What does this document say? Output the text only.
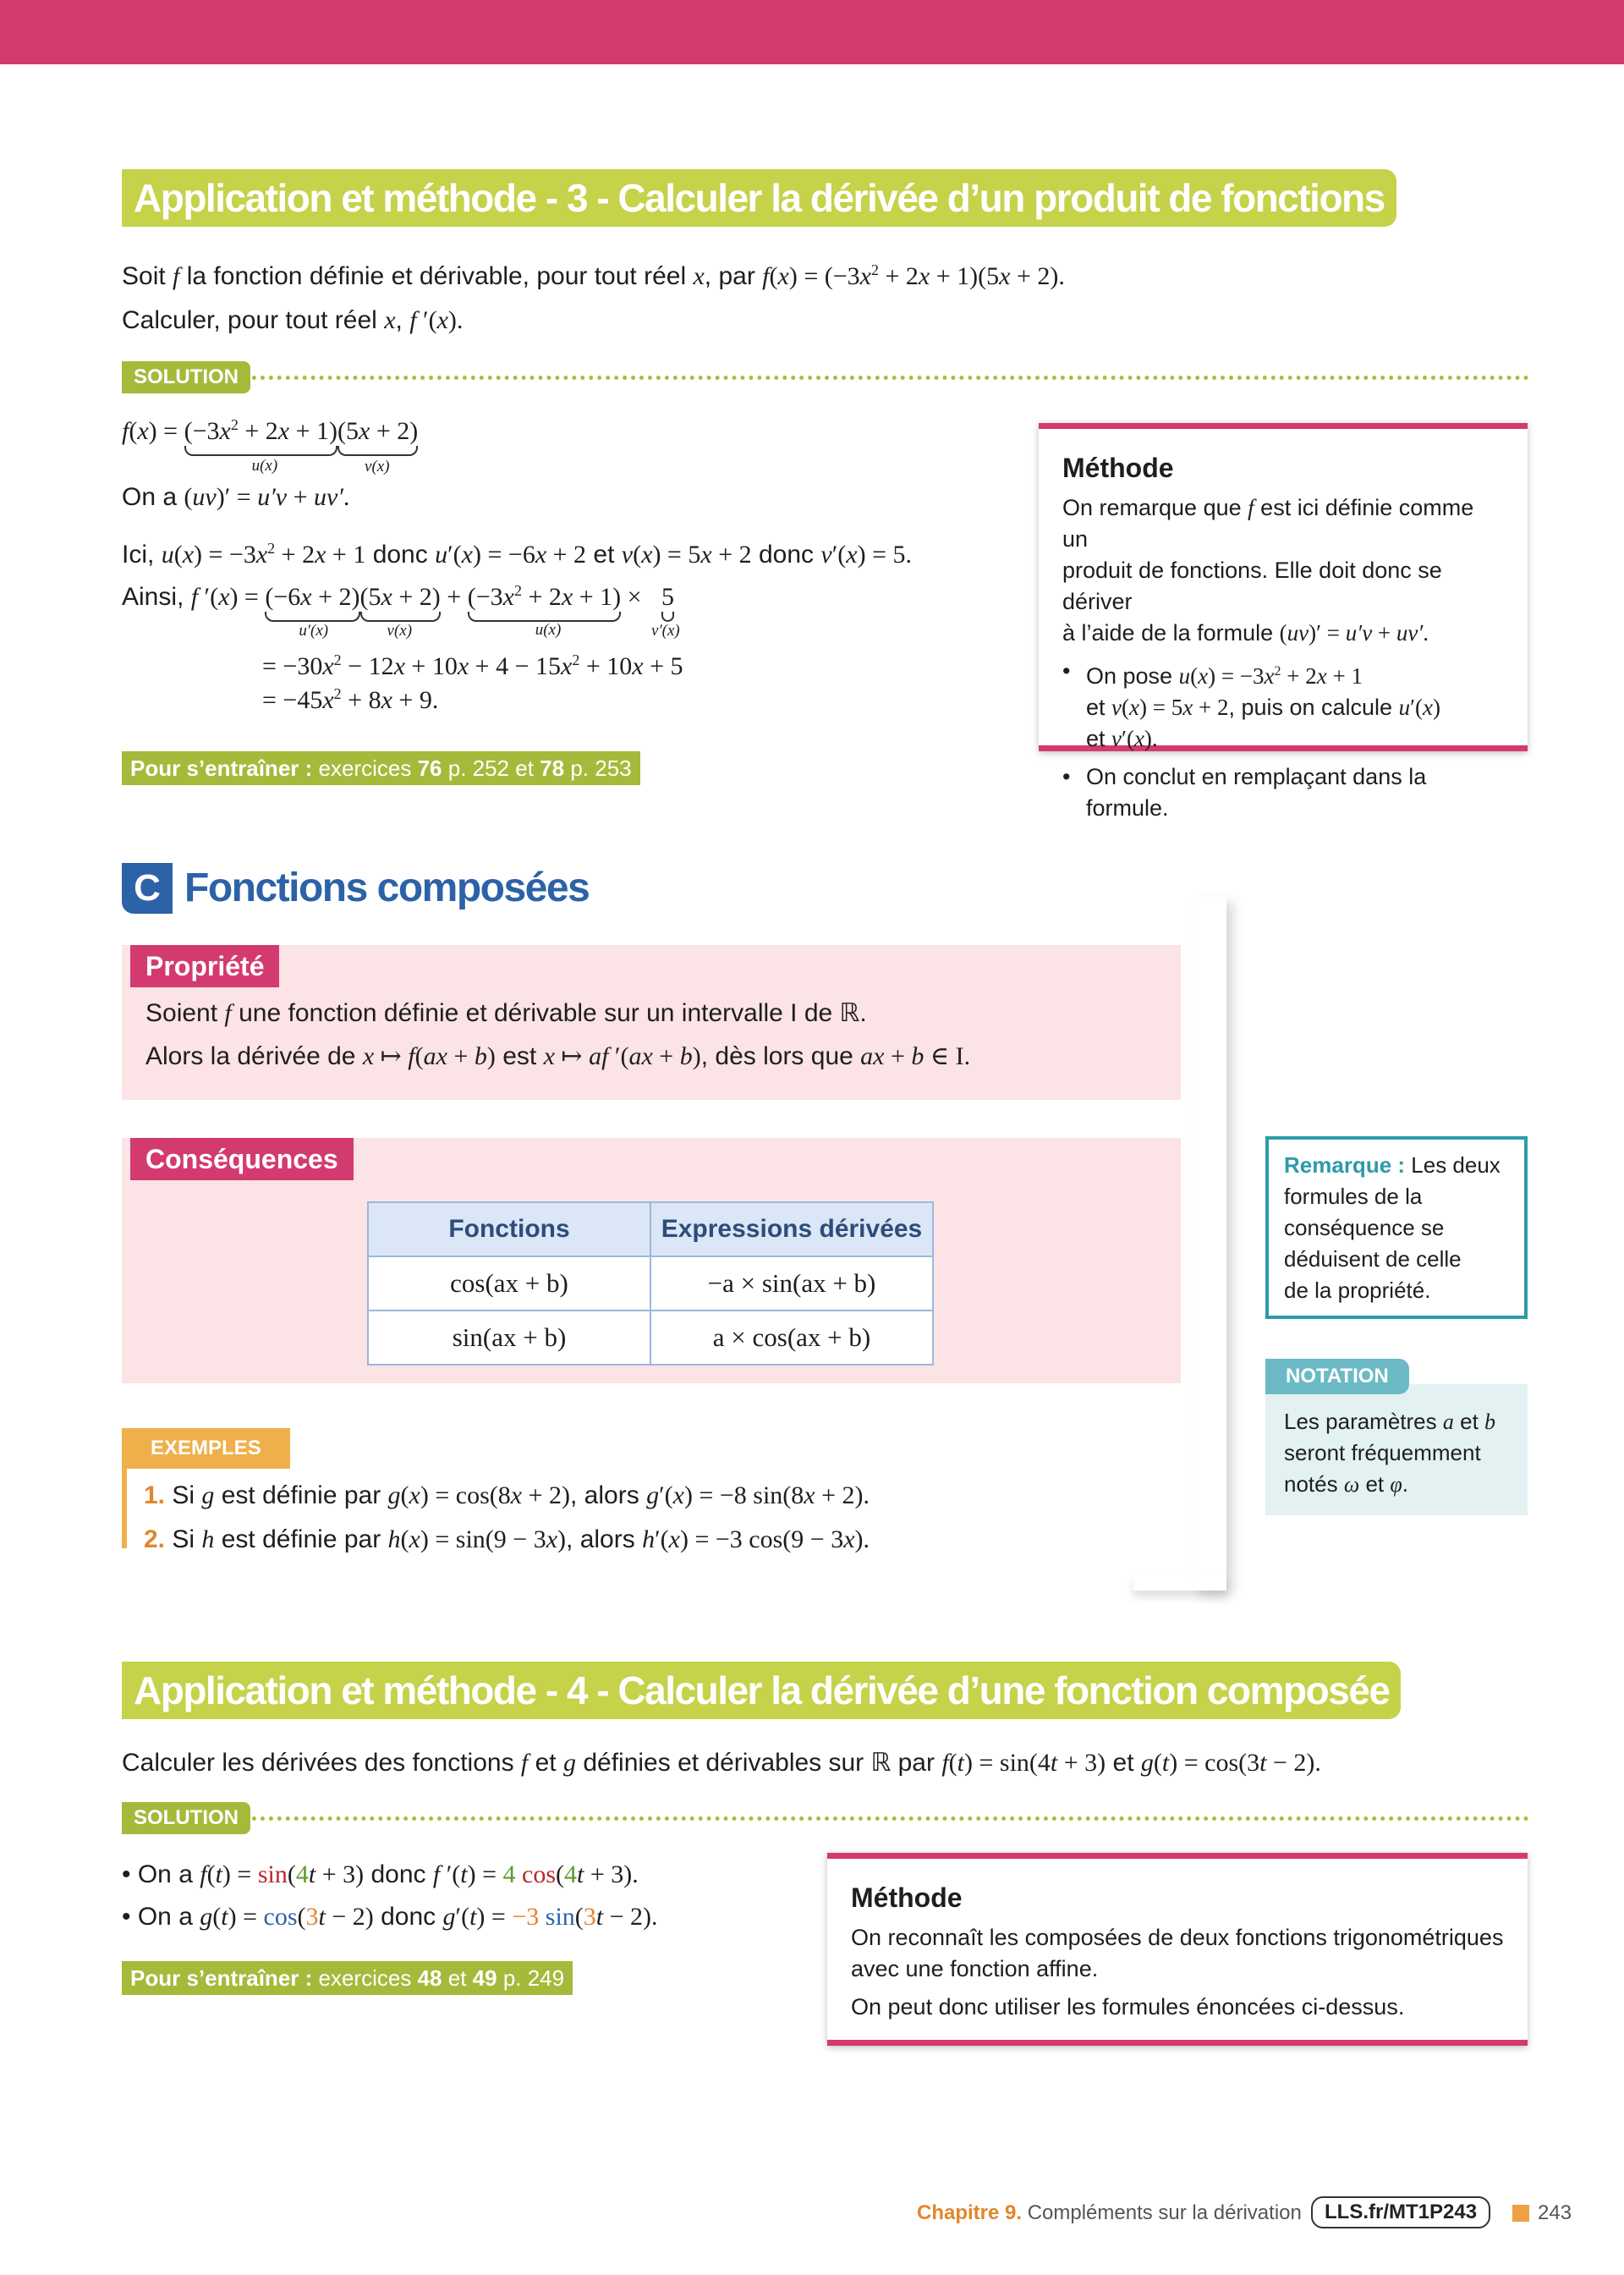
Application et méthode - 3 - Calculer la dérivée d’un produit de fonctions
Soit f la fonction définie et dérivable, pour tout réel x, par $f(x) = (-3x^2 + 2x + 1)(5x + 2)$.
Calculer, pour tout réel x, f ′(x).
SOLUTION
$f(x) = (-3x^2 + 2x + 1)$
u(x)
(5x + 2)
v(x)
On a (uv)′ = u′v + uv′.
Ici, $u(x) = -3x^2 + 2x + 1$ donc u′(x) = −6x + 2 et v(x) = 5x + 2 donc v′(x) = 5.
Ainsi, f ′(x) = (−6x + 2)
u′(x)
(5x + 2)
v(x)
+ $(-3x^2 + 2x + 1)$
u(x)
× 5
v′(x)
= $-30x^2 - 12x + 10x + 4 - 15x^2 + 10x + 5$
= $-45x^2 + 8x + 9$.
Pour s’entraîner : exercices 76 p. 252 et 78 p. 253
Méthode
On remarque que f est ici définie comme un
produit de fonctions. Elle doit donc se dériver
à l’aide de la formule (uv)′ = u′v + uv′.
• On pose $u(x) = -3x^2 + 2x + 1$
et v(x) = 5x + 2, puis on calcule u′(x)
et v′(x).
• On conclut en remplaçant dans la formule.
C Fonctions composées
Propriété
Soient f une fonction définie et dérivable sur un intervalle I de ℝ.
Alors la dérivée de x ↦ f(ax + b) est x ↦ af ′(ax + b), dès lors que ax + b ∈ I.
Conséquences
Fonctions	Expressions dérivées
cos(ax + b)	−a × sin(ax + b)
sin(ax + b)	a × cos(ax + b)
EXEMPLES
1. Si g est définie par g(x) = cos(8x + 2), alors g′(x) = −8 sin(8x + 2).
2. Si h est définie par h(x) = sin(9 − 3x), alors h′(x) = −3 cos(9 − 3x).
Remarque : Les deux
formules de la
conséquence se
déduisent de celle
de la propriété.
NOTATION
Les paramètres a et b
seront fréquemment
notés ω et φ.
Application et méthode - 4 - Calculer la dérivée d’une fonction composée
Calculer les dérivées des fonctions f et g définies et dérivables sur ℝ par f(t) = sin(4t + 3) et g(t) = cos(3t − 2).
SOLUTION
• On a f(t) = sin(4t + 3) donc f ′(t) = 4 cos(4t + 3).
• On a g(t) = cos(3t − 2) donc g′(t) = −3 sin(3t − 2).
Pour s’entraîner : exercices 48 et 49 p. 249
Méthode
On reconnaît les composées de deux fonctions trigonométriques
avec une fonction affine.
On peut donc utiliser les formules énoncées ci-dessus.
Chapitre 9. Compléments sur la dérivation	LLS.fr/MT1P243	243
